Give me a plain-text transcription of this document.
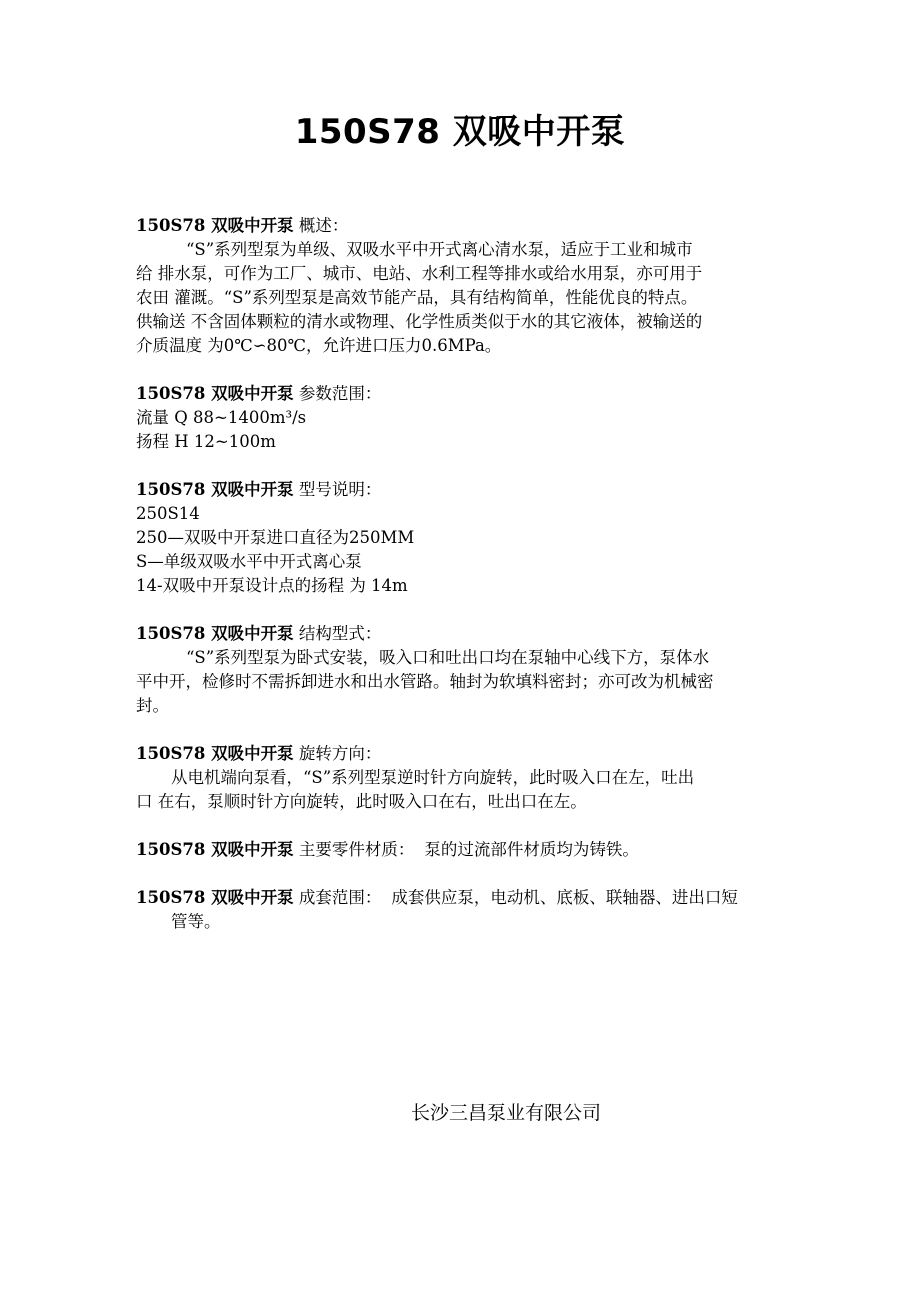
150S78 双吸中开泵
150S78 双吸中开泵 概述：
“S”系列型泵为单级、双吸水平中开式离心清水泵，适应于工业和城市
给 排水泵，可作为工厂、城市、电站、水利工程等排水或给水用泵，亦可用于
农田 灌溉。“S”系列型泵是高效节能产品，具有结构简单，性能优良的特点。
供输送 不含固体颗粒的清水或物理、化学性质类似于水的其它液体，被输送的
介质温度 为0℃∽80℃，允许进口压力0.6MPa。
150S78 双吸中开泵 参数范围：
流量 Q 88~1400m³/s
扬程 H 12~100m
150S78 双吸中开泵 型号说明：
250S14
250—双吸中开泵进口直径为250MM
S—单级双吸水平中开式离心泵
14-双吸中开泵设计点的扬程 为 14m
150S78 双吸中开泵 结构型式：
“S”系列型泵为卧式安装，吸入口和吐出口均在泵轴中心线下方，泵体水
平中开，检修时不需拆卸进水和出水管路。轴封为软填料密封；亦可改为机械密
封。
150S78 双吸中开泵 旋转方向：
从电机端向泵看，“S”系列型泵逆时针方向旋转，此时吸入口在左，吐出
口 在右，泵顺时针方向旋转，此时吸入口在右，吐出口在左。
150S78 双吸中开泵 主要零件材质： 泵的过流部件材质均为铸铁。
150S78 双吸中开泵 成套范围： 成套供应泵，电动机、底板、联轴器、进出口短
管等。
长沙三昌泵业有限公司
